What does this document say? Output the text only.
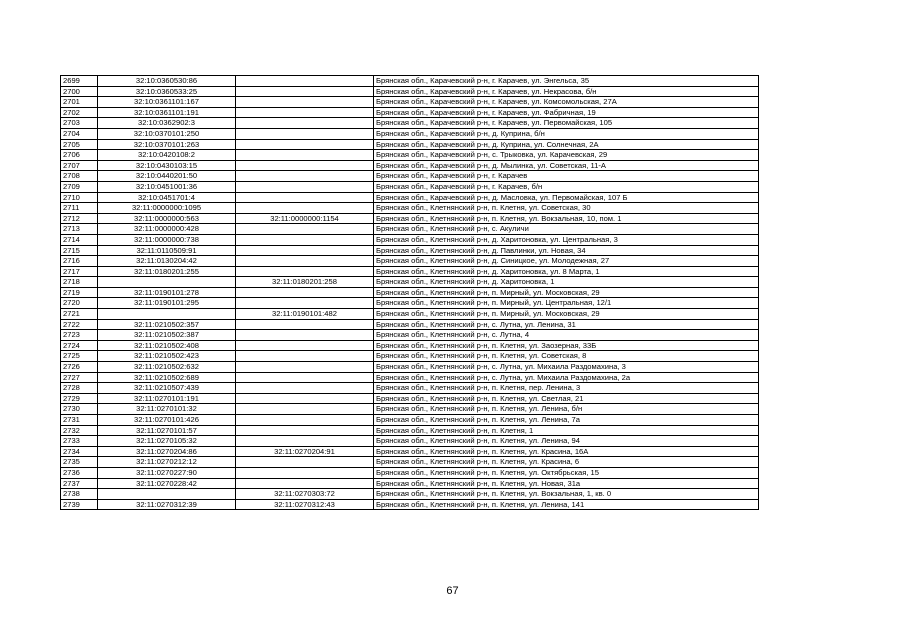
2699	32:10:0360530:86		Брянская обл., Карачевский р-н, г. Карачев, ул. Энгельса, 35
2700	32:10:0360533:25		Брянская обл., Карачевский р-н, г. Карачев, ул. Некрасова, б/н
2701	32:10:0361101:167		Брянская обл., Карачевский р-н, г. Карачев, ул. Комсомольская, 27А
2702	32:10:0361101:191		Брянская обл., Карачевский р-н, г. Карачев, ул. Фабричная, 19
2703	32:10:0362902:3		Брянская обл., Карачевский р-н, г. Карачев, ул. Первомайская, 105
2704	32:10:0370101:250		Брянская обл., Карачевский р-н, д. Куприна, б/н
2705	32:10:0370101:263		Брянская обл., Карачевский р-н, д. Куприна, ул. Солнечная, 2А
2706	32:10:0420108:2		Брянская обл., Карачевский р-н, с. Трыковка, ул. Карачевская, 29
2707	32:10:0430103:15		Брянская обл., Карачевский р-н, д. Мылинка, ул. Советская, 11-А
2708	32:10:0440201:50		Брянская обл., Карачевский р-н, г. Карачев
2709	32:10:0451001:36		Брянская обл., Карачевский р-н, г. Карачев, б/н
2710	32:10:0451701:4		Брянская обл., Карачевский р-н, д. Масловка, ул. Первомайская, 107 Б
2711	32:11:0000000:1095		Брянская обл., Клетнянский р-н, п. Клетня, ул. Советская, 30
2712	32:11:0000000:563	32:11:0000000:1154	Брянская обл., Клетнянский р-н, п. Клетня, ул. Вокзальная, 10, пом. 1
2713	32:11:0000000:428		Брянская обл., Клетнянский р-н, с. Акуличи
2714	32:11:0000000:738		Брянская обл., Клетнянский р-н, д. Харитоновка, ул. Центральная, 3
2715	32:11:0110509:91		Брянская обл., Клетнянский р-н, д. Павлинки, ул. Новая, 34
2716	32:11:0130204:42		Брянская обл., Клетнянский р-н, д. Синицкое, ул. Молодежная, 27
2717	32:11:0180201:255		Брянская обл., Клетнянский р-н, д. Харитоновка, ул. 8 Марта, 1
2718		32:11:0180201:258	Брянская обл., Клетнянский р-н, д. Харитоновка, 1
2719	32:11:0190101:278		Брянская обл., Клетнянский р-н, п. Мирный, ул. Московская, 29
2720	32:11:0190101:295		Брянская обл., Клетнянский р-н, п. Мирный, ул. Центральная, 12/1
2721		32:11:0190101:482	Брянская обл., Клетнянский р-н, п. Мирный, ул. Московская, 29
2722	32:11:0210502:357		Брянская обл., Клетнянский р-н, с. Лутна, ул. Ленина, 31
2723	32:11:0210502:387		Брянская обл., Клетнянский р-н, с. Лутна, 4
2724	32:11:0210502:408		Брянская обл., Клетнянский р-н, п. Клетня, ул. Заозерная, 33Б
2725	32:11:0210502:423		Брянская обл., Клетнянский р-н, п. Клетня, ул. Советская, 8
2726	32:11:0210502:632		Брянская обл., Клетнянский р-н, с. Лутна, ул. Михаила Раздомахина, 3
2727	32:11:0210502:689		Брянская обл., Клетнянский р-н, с. Лутна, ул. Михаила Раздомахина, 2а
2728	32:11:0210507:439		Брянская обл., Клетнянский р-н, п. Клетня, пер. Ленина, 3
2729	32:11:0270101:191		Брянская обл., Клетнянский р-н, п. Клетня, ул. Светлая, 21
2730	32:11:0270101:32		Брянская обл., Клетнянский р-н, п. Клетня, ул. Ленина, б/н
2731	32:11:0270101:426		Брянская обл., Клетнянский р-н, п. Клетня, ул. Ленина, 7а
2732	32:11:0270101:57		Брянская обл., Клетнянский р-н, п. Клетня, 1
2733	32:11:0270105:32		Брянская обл., Клетнянский р-н, п. Клетня, ул. Ленина, 94
2734	32:11:0270204:86	32:11:0270204:91	Брянская обл., Клетнянский р-н, п. Клетня, ул. Красина, 16А
2735	32:11:0270212:12		Брянская обл., Клетнянский р-н, п. Клетня, ул. Красина, 6
2736	32:11:0270227:90		Брянская обл., Клетнянский р-н, п. Клетня, ул. Октябрьская, 15
2737	32:11:0270228:42		Брянская обл., Клетнянский р-н, п. Клетня, ул. Новая, 31а
2738		32:11:0270303:72	Брянская обл., Клетнянский р-н, п. Клетня, ул. Вокзальная, 1, кв. 0
2739	32:11:0270312:39	32:11:0270312:43	Брянская обл., Клетнянский р-н, п. Клетня, ул. Ленина, 141
67
